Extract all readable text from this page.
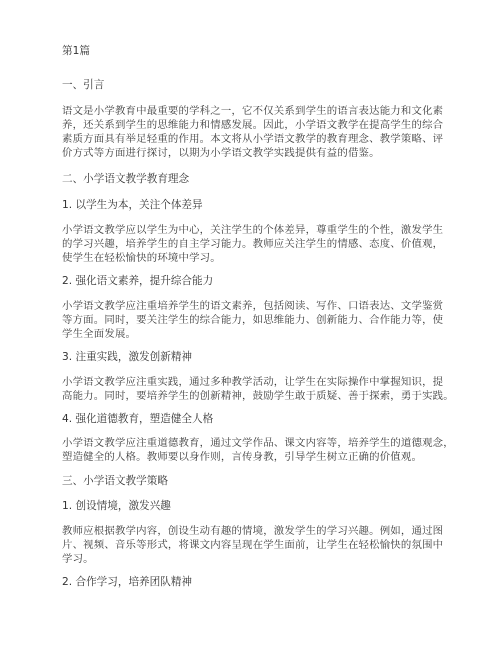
第1篇
一、引言
语文是小学教育中最重要的学科之一，它不仅关系到学生的语言表达能力和文化素
养，还关系到学生的思维能力和情感发展。因此，小学语文教学在提高学生的综合
素质方面具有举足轻重的作用。本文将从小学语文教学的教育理念、教学策略、评
价方式等方面进行探讨，以期为小学语文教学实践提供有益的借鉴。
二、小学语文教学教育理念
1. 以学生为本，关注个体差异
小学语文教学应以学生为中心，关注学生的个体差异，尊重学生的个性，激发学生
的学习兴趣，培养学生的自主学习能力。教师应关注学生的情感、态度、价值观，
使学生在轻松愉快的环境中学习。
2. 强化语文素养，提升综合能力
小学语文教学应注重培养学生的语文素养，包括阅读、写作、口语表达、文学鉴赏
等方面。同时，要关注学生的综合能力，如思维能力、创新能力、合作能力等，使
学生全面发展。
3. 注重实践，激发创新精神
小学语文教学应注重实践，通过多种教学活动，让学生在实际操作中掌握知识，提
高能力。同时，要培养学生的创新精神，鼓励学生敢于质疑、善于探索，勇于实践。
4. 强化道德教育，塑造健全人格
小学语文教学应注重道德教育，通过文学作品、课文内容等，培养学生的道德观念，
塑造健全的人格。教师要以身作则，言传身教，引导学生树立正确的价值观。
三、小学语文教学策略
1. 创设情境，激发兴趣
教师应根据教学内容，创设生动有趣的情境，激发学生的学习兴趣。例如，通过图
片、视频、音乐等形式，将课文内容呈现在学生面前，让学生在轻松愉快的氛围中
学习。
2. 合作学习，培养团队精神
